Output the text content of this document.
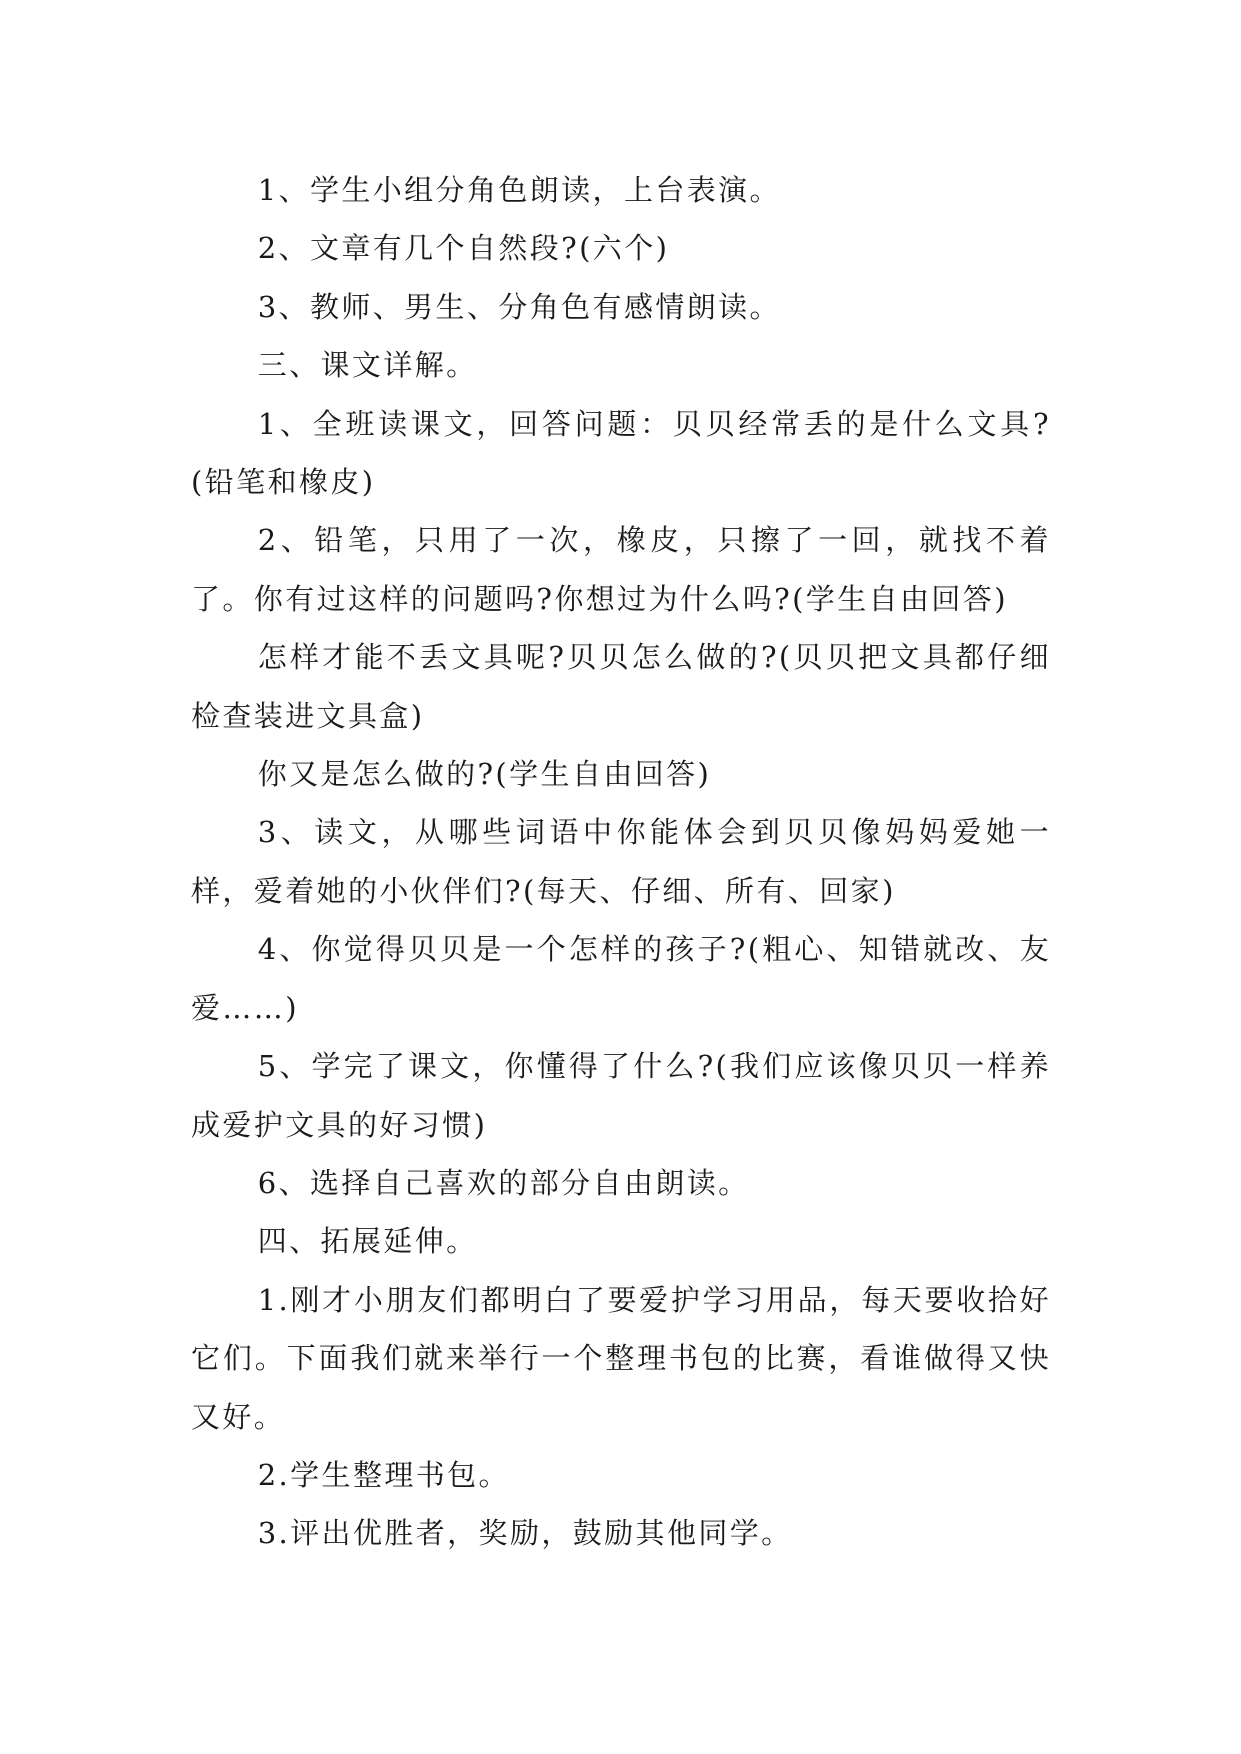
1、学生小组分角色朗读，上台表演。

2、文章有几个自然段?(六个)

3、教师、男生、分角色有感情朗读。

三、课文详解。

1、全班读课文，回答问题：贝贝经常丢的是什么文具?(铅笔和橡皮)

2、铅笔，只用了一次，橡皮，只擦了一回，就找不着了。你有过这样的问题吗?你想过为什么吗?(学生自由回答)

怎样才能不丢文具呢?贝贝怎么做的?(贝贝把文具都仔细检查装进文具盒)

你又是怎么做的?(学生自由回答)

3、读文，从哪些词语中你能体会到贝贝像妈妈爱她一样，爱着她的小伙伴们?(每天、仔细、所有、回家)

4、你觉得贝贝是一个怎样的孩子?(粗心、知错就改、友爱……)

5、学完了课文，你懂得了什么?(我们应该像贝贝一样养成爱护文具的好习惯)

6、选择自己喜欢的部分自由朗读。

四、拓展延伸。

1.刚才小朋友们都明白了要爱护学习用品，每天要收拾好它们。下面我们就来举行一个整理书包的比赛，看谁做得又快又好。

2.学生整理书包。

3.评出优胜者，奖励，鼓励其他同学。
